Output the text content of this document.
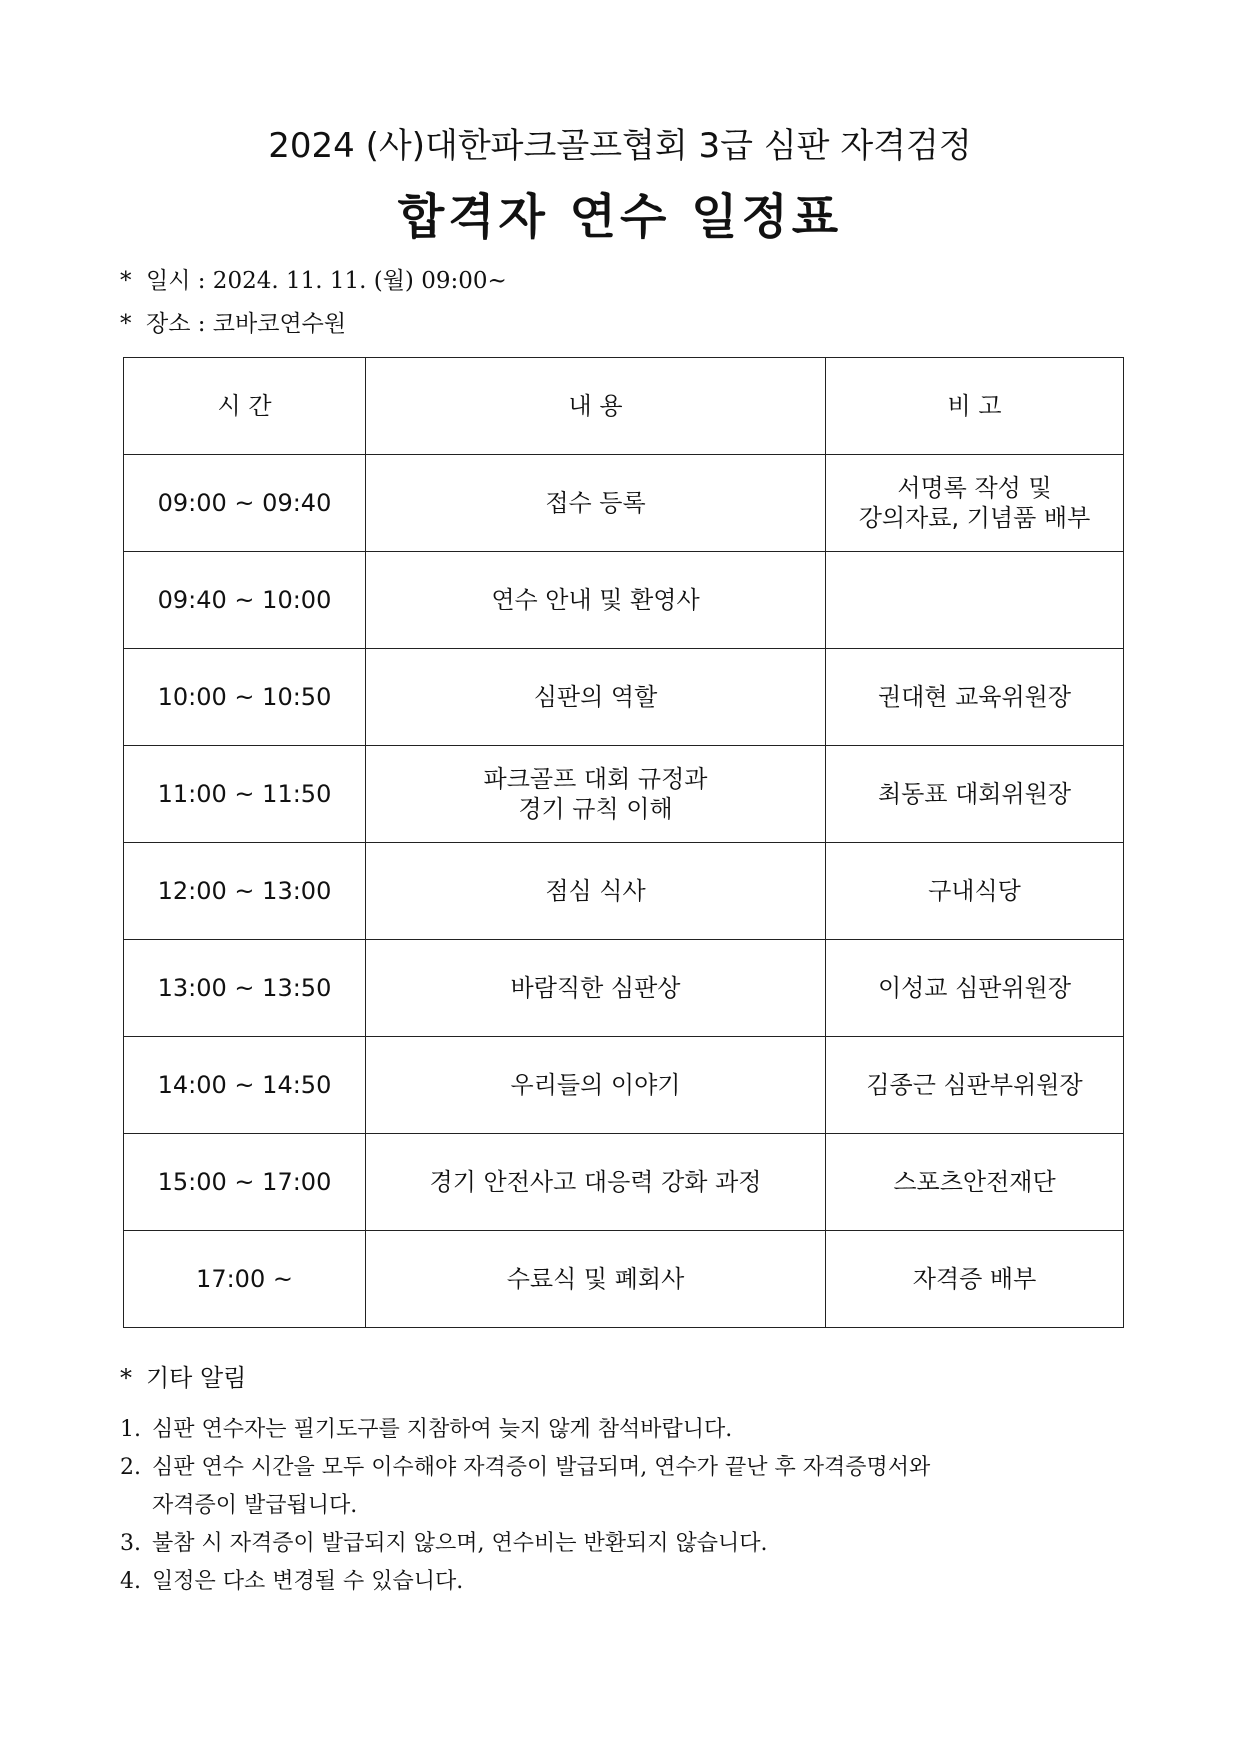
2024 (사)대한파크골프협회 3급 심판 자격검정
합격자 연수 일정표
* 일시 : 2024. 11. 11. (월) 09:00~
* 장소 : 코바코연수원
시 간	내 용	비 고
09:00 ~ 09:40	접수 등록	서명록 작성 및
강의자료, 기념품 배부

09:40 ~ 10:00	연수 안내 및 환영사	

10:00 ~ 10:50	심판의 역할	권대현 교육위원장

11:00 ~ 11:50	파크골프 대회 규정과
경기 규칙 이해	최동표 대회위원장

12:00 ~ 13:00	점심 식사	구내식당

13:00 ~ 13:50	바람직한 심판상	이성교 심판위원장

14:00 ~ 14:50	우리들의 이야기	김종근 심판부위원장

15:00 ~ 17:00	경기 안전사고 대응력 강화 과정	스포츠안전재단

17:00 ~	수료식 및 폐회사	자격증 배부
* 기타 알림
1. 심판 연수자는 필기도구를 지참하여 늦지 않게 참석바랍니다.
2. 심판 연수 시간을 모두 이수해야 자격증이 발급되며, 연수가 끝난 후 자격증명서와
자격증이 발급됩니다.
3. 불참 시 자격증이 발급되지 않으며, 연수비는 반환되지 않습니다.
4. 일정은 다소 변경될 수 있습니다.
